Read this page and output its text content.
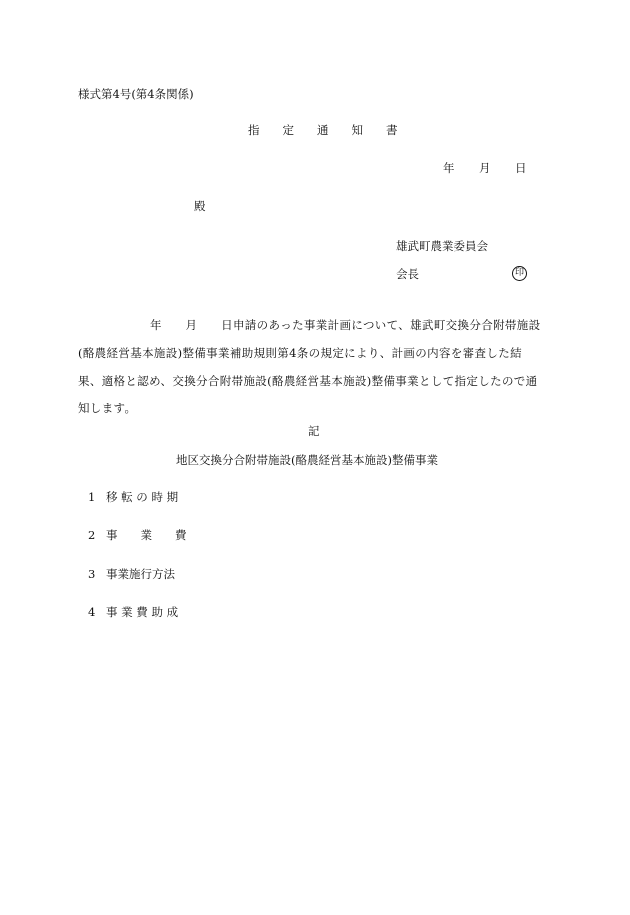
様式第4号(第4条関係)

指　　定　　通　　知　　書

年 月 日

殿

雄武町農業委員会

会長	印

年　　月　　日申請のあった事業計画について、雄武町交換分合附帯施設

(酪農経営基本施設)整備事業補助規則第4条の規定により、計画の内容を審査した結

果、適格と認め、交換分合附帯施設(酪農経営基本施設)整備事業として指定したので通

知します。

記

地区交換分合附帯施設(酪農経営基本施設)整備事業

1 移 転 の 時 期
2 事　　業　　費
3 事業施行方法
4 事 業 費 助 成
